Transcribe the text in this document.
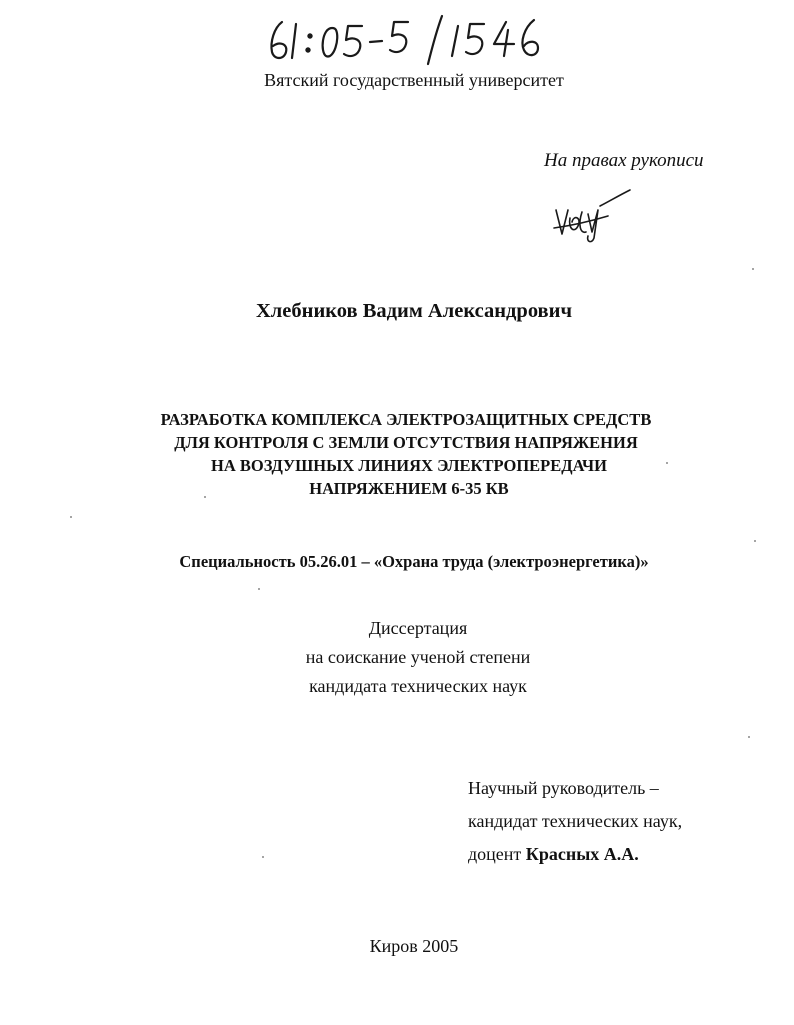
Вятский государственный университет
На правах рукописи
Хлебников Вадим Александрович
РАЗРАБОТКА КОМПЛЕКСА ЭЛЕКТРОЗАЩИТНЫХ СРЕДСТВ
ДЛЯ КОНТРОЛЯ С ЗЕМЛИ ОТСУТСТВИЯ НАПРЯЖЕНИЯ
НА ВОЗДУШНЫХ ЛИНИЯХ ЭЛЕКТРОПЕРЕДАЧИ
НАПРЯЖЕНИЕМ 6-35 КВ
Специальность 05.26.01 – «Охрана труда (электроэнергетика)»
Диссертация
на соискание ученой степени
кандидата технических наук
Научный руководитель –
кандидат технических наук,
доцент Красных А.А.
Киров 2005
